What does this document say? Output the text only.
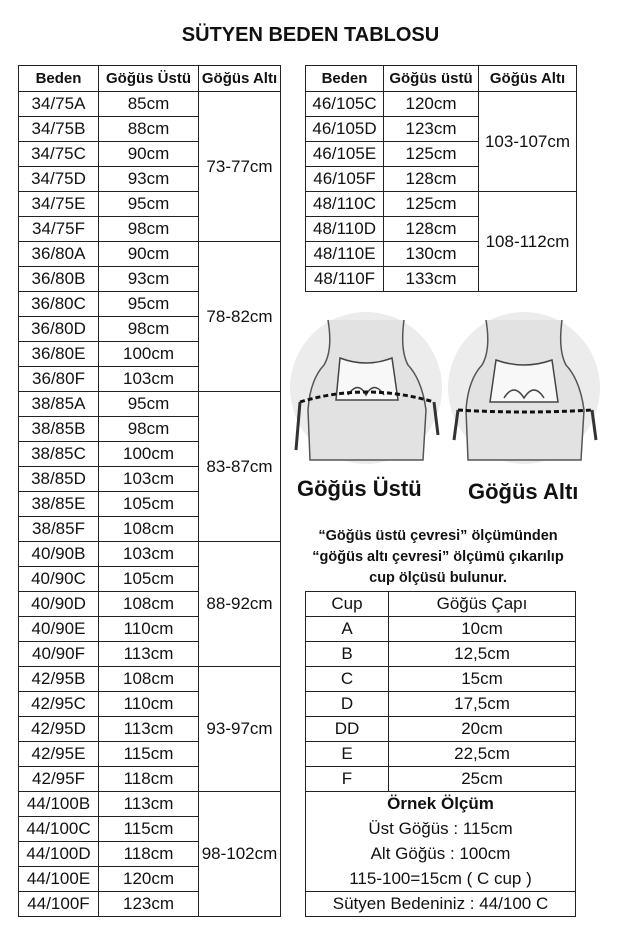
SÜTYEN BEDEN TABLOSU
Beden	Göğüs Üstü	Göğüs Altı
34/75A	85cm	73-77cm
34/75B	88cm	
34/75C	90cm	
34/75D	93cm	
34/75E	95cm	
34/75F	98cm	
36/80A	90cm	78-82cm
36/80B	93cm	
36/80C	95cm	
36/80D	98cm	
36/80E	100cm	
36/80F	103cm	
38/85A	95cm	83-87cm
38/85B	98cm	
38/85C	100cm	
38/85D	103cm	
38/85E	105cm	
38/85F	108cm	
40/90B	103cm	88-92cm
40/90C	105cm	
40/90D	108cm	
40/90E	110cm	
40/90F	113cm	
42/95B	108cm	93-97cm
42/95C	110cm	
42/95D	113cm	
42/95E	115cm	
42/95F	118cm	
44/100B	113cm	98-102cm
44/100C	115cm	
44/100D	118cm	
44/100E	120cm	
44/100F	123cm	
Beden	Göğüs üstü	Göğüs Altı
46/105C	120cm	103-107cm
46/105D	123cm	
46/105E	125cm	
46/105F	128cm	
48/110C	125cm	108-112cm
48/110D	128cm	
48/110E	130cm	
48/110F	133cm	
Göğüs Üstü Göğüs Altı
“Göğüs üstü çevresi” ölçümünden
“göğüs altı çevresi” ölçümü çıkarılıp
cup ölçüsü bulunur.
Cup	Göğüs Çapı
A	10cm
B	12,5cm
C	15cm
D	17,5cm
DD	20cm
E	22,5cm
F	25cm
Örnek Ölçüm	
Üst Göğüs : 115cm	
Alt Göğüs : 100cm	
115-100=15cm ( C cup )	
Sütyen Bedeniniz : 44/100 C	
